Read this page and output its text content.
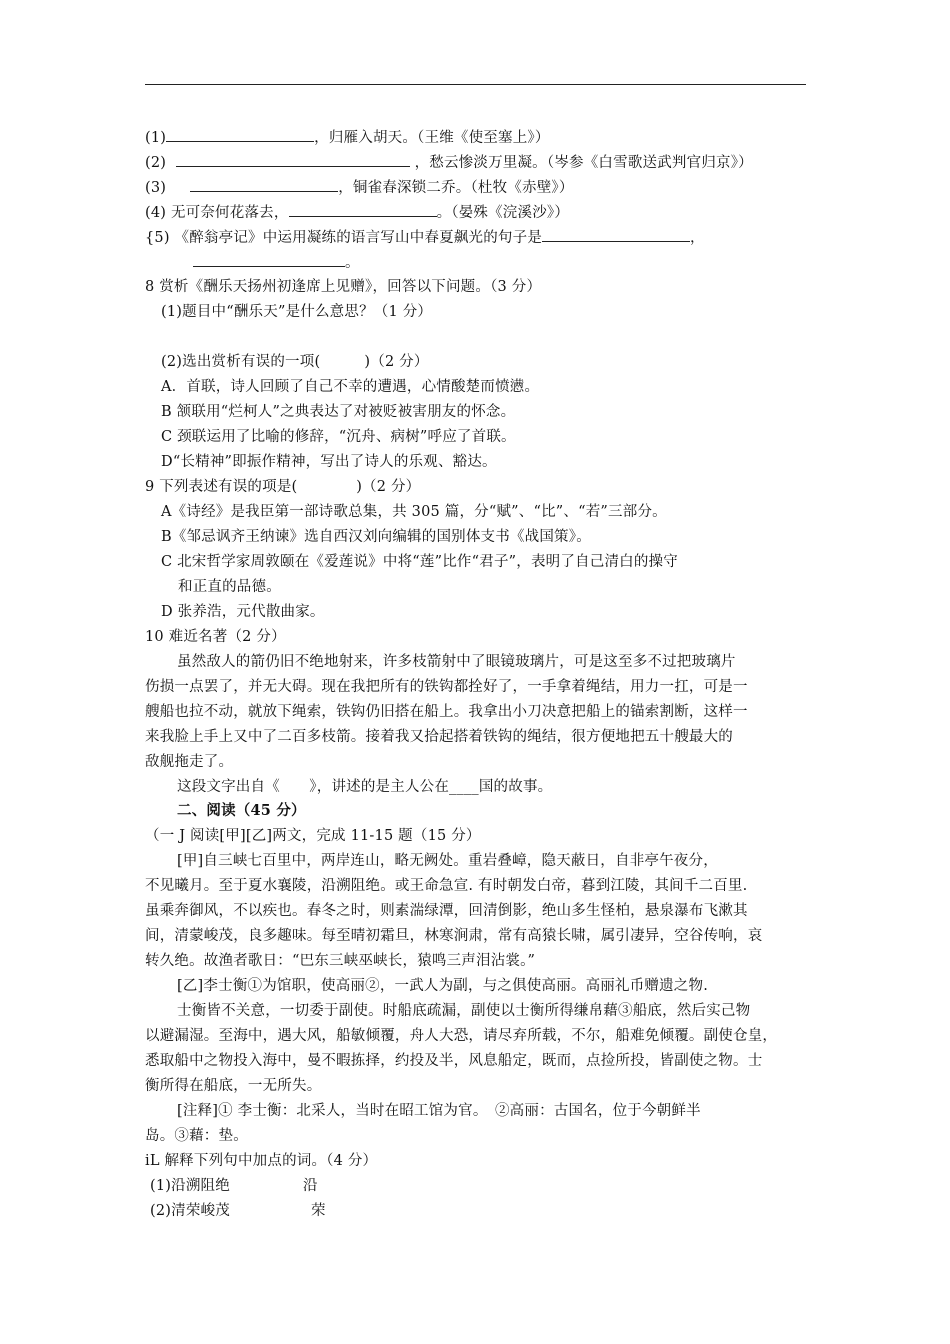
(1)	，归雁入胡天。（王维《使至塞上》）
(2)	，愁云惨淡万里凝。（岑参《白雪歌送武判官归京》）
(3)	，铜雀春深锁二乔。（杜牧《赤壁》）
(4) 无可奈何花落去，	。（晏殊《浣溪沙》）
{5) 《醉翁亭记》中运用凝练的语言写山中春夏飙光的句子是	，
。
8 赏析《酬乐天扬州初逢席上见赠》，回答以下问题。（3 分）
(1)题目中“酬乐天”是什么意思？（1 分）
(2)选出赏析有误的一项(　　　)（2 分）
A．首联，诗人回顾了自己不幸的遭遇，心情酸楚而愤懑。
B 颔联用“烂柯人”之典表达了对被贬被害朋友的怀念。
C 颈联运用了比喻的修辞，“沉舟、病树”呼应了首联。
D“长精神”即振作精神，写出了诗人的乐观、豁达。
9 下列表述有误的项是(　　　　)（2 分）
A《诗经》是我臣第一部诗歌总集，共 305 篇，分“赋”、“比”、“若”三部分。
B《邹忌讽齐王纳谏》选自西汉刘向编辑的国别体支书《战国策》。
C 北宋哲学家周敦颐在《爱莲说》中将“莲”比作“君子”，表明了自己清白的操守
和正直的品德。
D 张养浩，元代散曲家。
10 难近名著（2 分）
虽然敌人的箭仍旧不绝地射来，许多枝箭射中了眼镜玻璃片，可是这至多不过把玻璃片
伤损一点罢了，并无大碍。现在我把所有的铁钩都拴好了，一手拿着绳结，用力一扛，可是一
艘船也拉不动，就放下绳索，铁钩仍旧搭在船上。我拿出小刀决意把船上的锚索割断，这样一
来我脸上手上又中了二百多枝箭。接着我又拾起搭着铁钩的绳结，很方便地把五十艘最大的
敌舰拖走了。
这段文字出自《　　》，讲述的是主人公在____国的故事。
二、阅读（45 分）
（一 J 阅读[甲][乙]两文，完成 11-15 题（15 分）
[甲]自三峡七百里中，两岸连山，略无阙处。重岩叠嶂，隐天蔽日，自非亭午夜分，
不见曦月。至于夏水襄陵，沿溯阻绝。或王命急宣. 有时朝发白帝，暮到江陵，其间千二百里.
虽乘奔御风，不以疾也。春冬之时，则素湍绿潭，回清倒影，绝山多生怪柏，悬泉瀑布飞漱其
间，清蒙峻茂，良多趣味。每至晴初霜旦，林寒涧肃，常有高猿长啸，属引凄异，空谷传响，哀
转久绝。故渔者歌日：“巴东三峡巫峡长，猿鸣三声泪沾裳。”
[乙]李士衡①为馆职，使高丽②，一武人为副，与之俱使高丽。高丽礼币赠遗之物.
士衡皆不关意，一切委于副使。时船底疏漏，副使以士衡所得缣帛藉③船底，然后实己物
以避漏湿。至海中，遇大风，船敏倾覆，舟人大恐，请尽弃所载，不尔，船难免倾覆。副使仓皇，
悉取船中之物投入海中，曼不暇拣择，约投及半，风息船定，既而，点捡所投，皆副使之物。士
衡所得在船底，一无所失。
[注释]① 李士衡：北采人，当时在昭工馆为官。　②高丽：古国名，位于今朝鲜半
岛。③藉：垫。
iL 解释下列句中加点的词。（4 分）
(1)沿溯阻绝	沿
(2)清荣峻茂	荣
